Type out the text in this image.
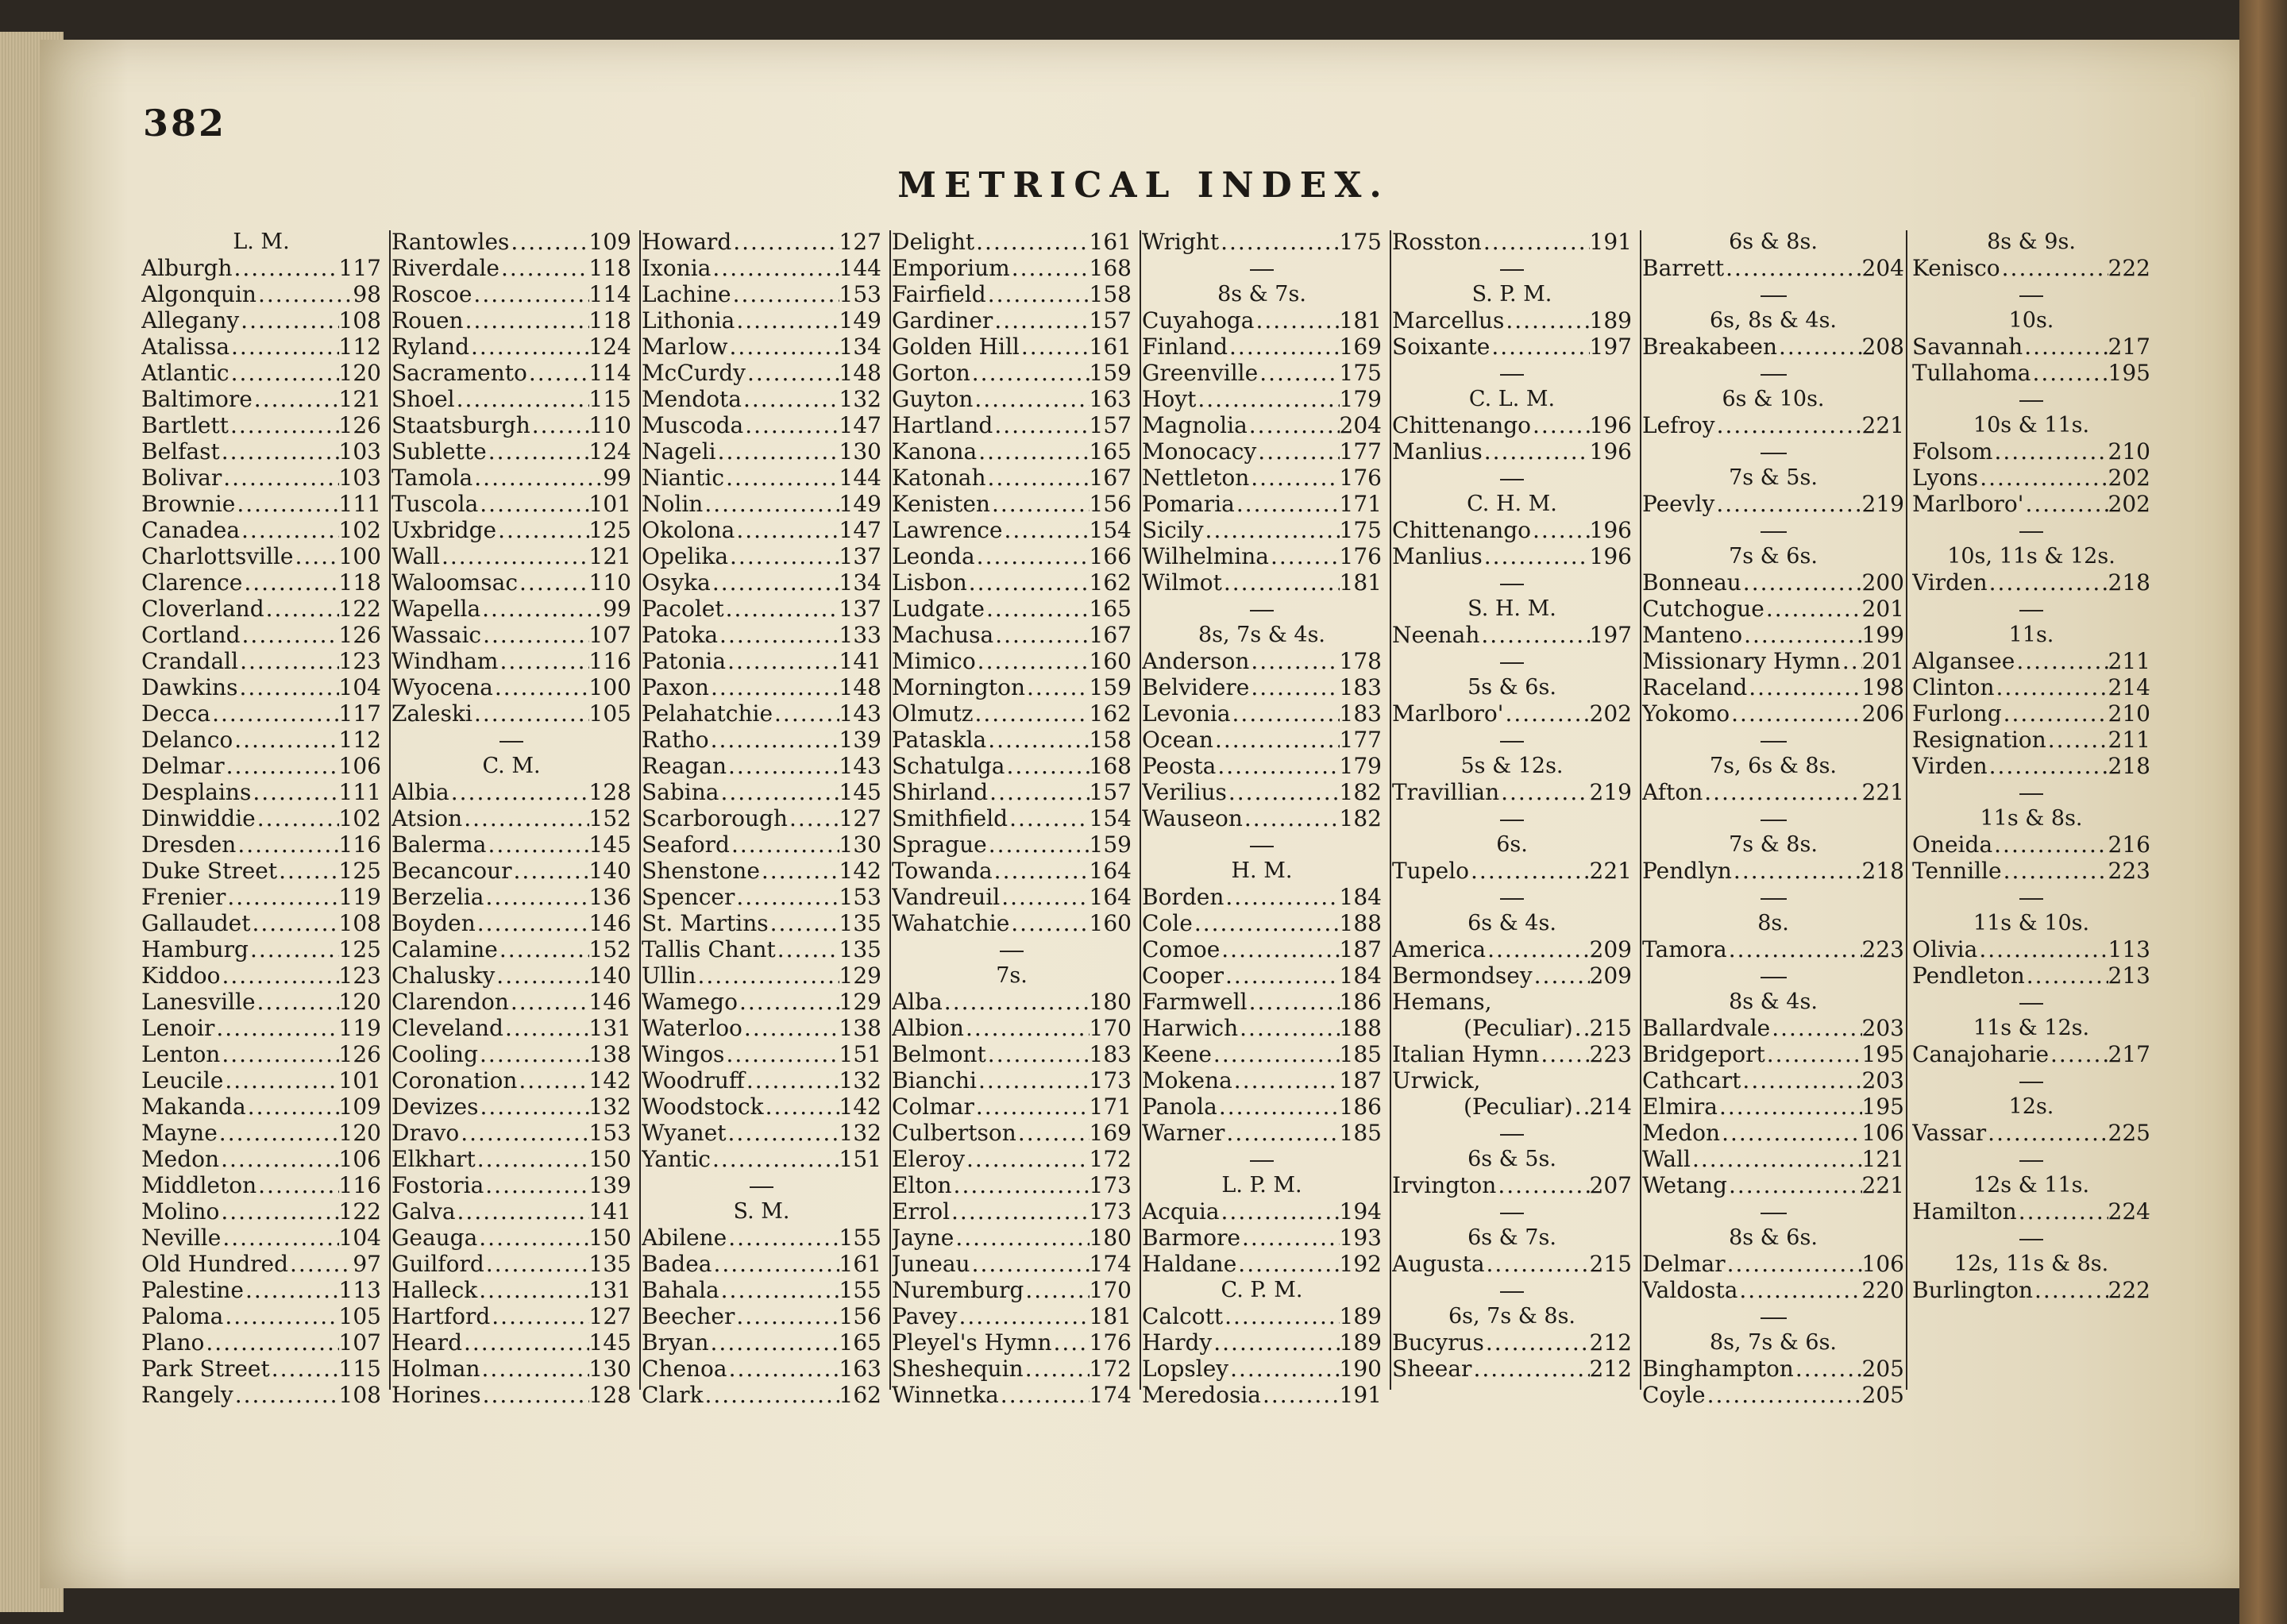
382
METRICAL INDEX.
L. M.
Alburgh .....	117
Algonquin .....	98
Allegany .....	108
Atalissa .....	112
Atlantic .....	120
Baltimore .....	121
Bartlett .....	126
Belfast .....	103
Bolivar .....	103
Brownie .....	111
Canadea .....	102
Charlottsville ..... 100
Clarence .....	118
Cloverland .....	122
Cortland .....	126
Crandall .....	123
Dawkins .....	104
Decca .....	117
Delanco .....	112
Delmar .....	106
Desplains .....	111
Dinwiddie .....	102
Dresden .....	116
Duke Street .....	125
Frenier .....	119
Gallaudet .....	108
Hamburg .....	125
Kiddoo .....	123
Lanesville .....	120
Lenoir .....	119
Lenton .....	126
Leucile .....	101
Makanda .....	109
Mayne .....	120
Medon .....	106
Middleton .....	116
Molino .....	122
Neville .....	104
Old Hundred .....	97
Palestine .....	113
Paloma .....	105
Plano .....	107
Park Street .....	115
Rangely .....	108
Rantowles .....	109
Riverdale .....	118
Roscoe .....	114
Rouen .....	118
Ryland .....	124
Sacramento .....	114
Shoel .....	115
Staatsburgh .....	110
Sublette .....	124
Tamola .....	99
Tuscola .....	101
Uxbridge .....	125
Wall .....	121
Waloomsac .....	110
Wapella .....	99
Wassaic .....	107
Windham .....	116
Wyocena .....	100
Zaleski .....	105
C. M.
Albia .....	128
Atsion .....	152
Balerma .....	145
Becancour .....	140
Berzelia .....	136
Boyden .....	146
Calamine .....	152
Chalusky .....	140
Clarendon .....	146
Cleveland .....	131
Cooling .....	138
Coronation .....	142
Devizes .....	132
Dravo .....	153
Elkhart .....	150
Fostoria .....	139
Galva .....	141
Geauga .....	150
Guilford .....	135
Halleck .....	131
Hartford .....	127
Heard .....	145
Holman .....	130
Horines .....	128
Howard .....	127
Ixonia .....	144
Lachine .....	153
Lithonia .....	149
Marlow .....	134
McCurdy .....	148
Mendota .....	132
Muscoda .....	147
Nageli .....	130
Niantic .....	144
Nolin .....	149
Okolona .....	147
Opelika .....	137
Osyka .....	134
Pacolet .....	137
Patoka .....	133
Patonia .....	141
Paxon .....	148
Pelahatchie .....	143
Ratho .....	139
Reagan .....	143
Sabina .....	145
Scarborough ..... 127
Seaford .....	130
Shenstone .....	142
Spencer .....	153
St. Martins .....	135
Tallis Chant .....	135
Ullin .....	129
Wamego .....	129
Waterloo .....	138
Wingos .....	151
Woodruff .....	132
Woodstock .....	142
Wyanet .....	132
Yantic .....	151
S. M.
Abilene .....	155
Badea .....	161
Bahala .....	155
Beecher .....	156
Bryan .....	165
Chenoa .....	163
Clark .....	162
Delight .....	161
Emporium .....	168
Fairfield .....	158
Gardiner .....	157
Golden Hill .....	161
Gorton .....	159
Guyton .....	163
Hartland .....	157
Kanona .....	165
Katonah .....	167
Kenisten .....	156
Lawrence .....	154
Leonda .....	166
Lisbon .....	162
Ludgate .....	165
Machusa .....	167
Mimico .....	160
Mornington .....	159
Olmutz .....	162
Pataskla .....	158
Schatulga .....	168
Shirland .....	157
Smithfield .....	154
Sprague .....	159
Towanda .....	164
Vandreuil .....	164
Wahatchie .....	160
7s.
Alba .....	180
Albion .....	170
Belmont .....	183
Bianchi .....	173
Colmar .....	171
Culbertson .....	169
Eleroy .....	172
Elton .....	173
Errol .....	173
Jayne .....	180
Juneau .....	174
Nuremburg .....	170
Pavey .....	181
Pleyel's Hymn ..... 176
Sheshequin .....	172
Winnetka .....	174
Wright .....	175
8s & 7s.
Cuyahoga .....	181
Finland .....	169
Greenville .....	175
Hoyt .....	179
Magnolia .....	204
Monocacy .....	177
Nettleton .....	176
Pomaria .....	171
Sicily .....	175
Wilhelmina .....	176
Wilmot .....	181
8s, 7s & 4s.
Anderson .....	178
Belvidere .....	183
Levonia .....	183
Ocean .....	177
Peosta .....	179
Verilius .....	182
Wauseon .....	182
H. M.
Borden .....	184
Cole .....	188
Comoe .....	187
Cooper .....	184
Farmwell .....	186
Harwich .....	188
Keene .....	185
Mokena .....	187
Panola .....	186
Warner .....	185
L. P. M.
Acquia .....	194
Barmore .....	193
Haldane .....	192
C. P. M.
Calcott .....	189
Hardy .....	189
Lopsley .....	190
Meredosia .....	191
Rosston .....	191
S. P. M.
Marcellus .....	189
Soixante .....	197
C. L. M.
Chittenango .....	196
Manlius .....	196
C. H. M.
Chittenango .....	196
Manlius .....	196
S. H. M.
Neenah .....	197
5s & 6s.
Marlboro' .....	202
5s & 12s.
Travillian .....	219
6s.
Tupelo .....	221
6s & 4s.
America .....	209
Bermondsey .....	209
Hemans,
(Peculiar) ..... 215
Italian Hymn ..... 223
Urwick,
(Peculiar) ..... 214
6s & 5s.
Irvington .....	207
6s & 7s.
Augusta .....	215
6s, 7s & 8s.
Bucyrus .....	212
Sheear .....	212
6s & 8s.
Barrett .....	204
6s, 8s & 4s.
Breakabeen .....	208
6s & 10s.
Lefroy .....	221
7s & 5s.
Peevly .....	219
7s & 6s.
Bonneau .....	200
Cutchogue .....	201
Manteno .....	199
Missionary Hymn ..... 201
Raceland .....	198
Yokomo .....	206
7s, 6s & 8s.
Afton .....	221
7s & 8s.
Pendlyn .....	218
8s.
Tamora .....	223
8s & 4s.
Ballardvale .....	203
Bridgeport .....	195
Cathcart .....	203
Elmira .....	195
Medon .....	106
Wall .....	121
Wetang .....	221
8s & 6s.
Delmar .....	106
Valdosta .....	220
8s, 7s & 6s.
Binghampton .....	205
Coyle .....	205
8s & 9s.
Kenisco .....	222
10s.
Savannah .....	217
Tullahoma .....	195
10s & 11s.
Folsom .....	210
Lyons .....	202
Marlboro' .....	202
10s, 11s & 12s.
Virden .....	218
11s.
Algansee .....	211
Clinton .....	214
Furlong .....	210
Resignation .....	211
Virden .....	218
11s & 8s.
Oneida .....	216
Tennille .....	223
11s & 10s.
Olivia .....	113
Pendleton .....	213
11s & 12s.
Canajoharie .....	217
12s.
Vassar .....	225
12s & 11s.
Hamilton .....	224
12s, 11s & 8s.
Burlington .....	222
